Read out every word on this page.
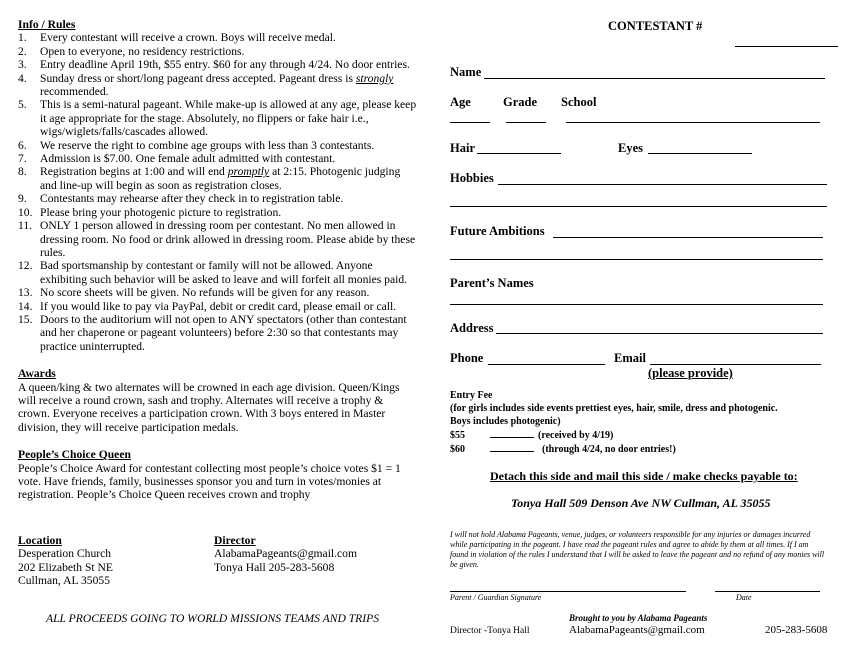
Info / Rules
1. Every contestant will receive a crown. Boys will receive medal.
2. Open to everyone, no residency restrictions.
3. Entry deadline April 19th, $55 entry. $60 for any through 4/24. No door entries.
4. Sunday dress or short/long pageant dress accepted. Pageant dress is strongly recommended.
5. This is a semi-natural pageant. While make-up is allowed at any age, please keep it age appropriate for the stage. Absolutely, no flippers or fake hair i.e., wigs/wiglets/falls/cascades allowed.
6. We reserve the right to combine age groups with less than 3 contestants.
7. Admission is $7.00. One female adult admitted with contestant.
8. Registration begins at 1:00 and will end promptly at 2:15. Photogenic judging and line-up will begin as soon as registration closes.
9. Contestants may rehearse after they check in to registration table.
10. Please bring your photogenic picture to registration.
11. ONLY 1 person allowed in dressing room per contestant. No men allowed in dressing room. No food or drink allowed in dressing room. Please abide by these rules.
12. Bad sportsmanship by contestant or family will not be allowed. Anyone exhibiting such behavior will be asked to leave and will forfeit all monies paid.
13. No score sheets will be given. No refunds will be given for any reason.
14. If you would like to pay via PayPal, debit or credit card, please email or call.
15. Doors to the auditorium will not open to ANY spectators (other than contestant and her chaperone or pageant volunteers) before 2:30 so that contestants may practice uninterrupted.
Awards
A queen/king & two alternates will be crowned in each age division. Queen/Kings will receive a round crown, sash and trophy. Alternates will receive a trophy & crown. Everyone receives a participation crown. With 3 boys entered in Master division, they will receive participation medals.
People’s Choice Queen
People’s Choice Award for contestant collecting most people’s choice votes $1 = 1 vote. Have friends, family, businesses sponsor you and turn in votes/monies at registration. People’s Choice Queen receives crown and trophy
Location
Desperation Church
202 Elizabeth St NE
Cullman, AL 35055
Director
AlabamaPageants@gmail.com
Tonya Hall 205-283-5608
ALL PROCEEDS GOING TO WORLD MISSIONS TEAMS AND TRIPS
CONTESTANT #
Name
Age	Grade School
Hair	Eyes
Hobbies
Future Ambitions
Parent’s Names
Address
Phone	Email
(please provide)
Entry Fee
(for girls includes side events prettiest eyes, hair, smile, dress and photogenic.
Boys includes photogenic)
$55	(received by 4/19)
$60	(through 4/24, no door entries!)
Detach this side and mail this side / make checks payable to:
Tonya Hall 509 Denson Ave NW Cullman, AL 35055
I will not hold Alabama Pageants, venue, judges, or volunteers responsible for any injuries or damages incurred while participating in the pageant. I have read the pageant rules and agree to abide by them at all times. If I am found in violation of the rules I understand that I will be asked to leave the pageant and no refund of any monies will be given.
Parent / Guardian Signature	Date
Brought to you by Alabama Pageants
Director -Tonya Hall	AlabamaPageants@gmail.com	205-283-5608
